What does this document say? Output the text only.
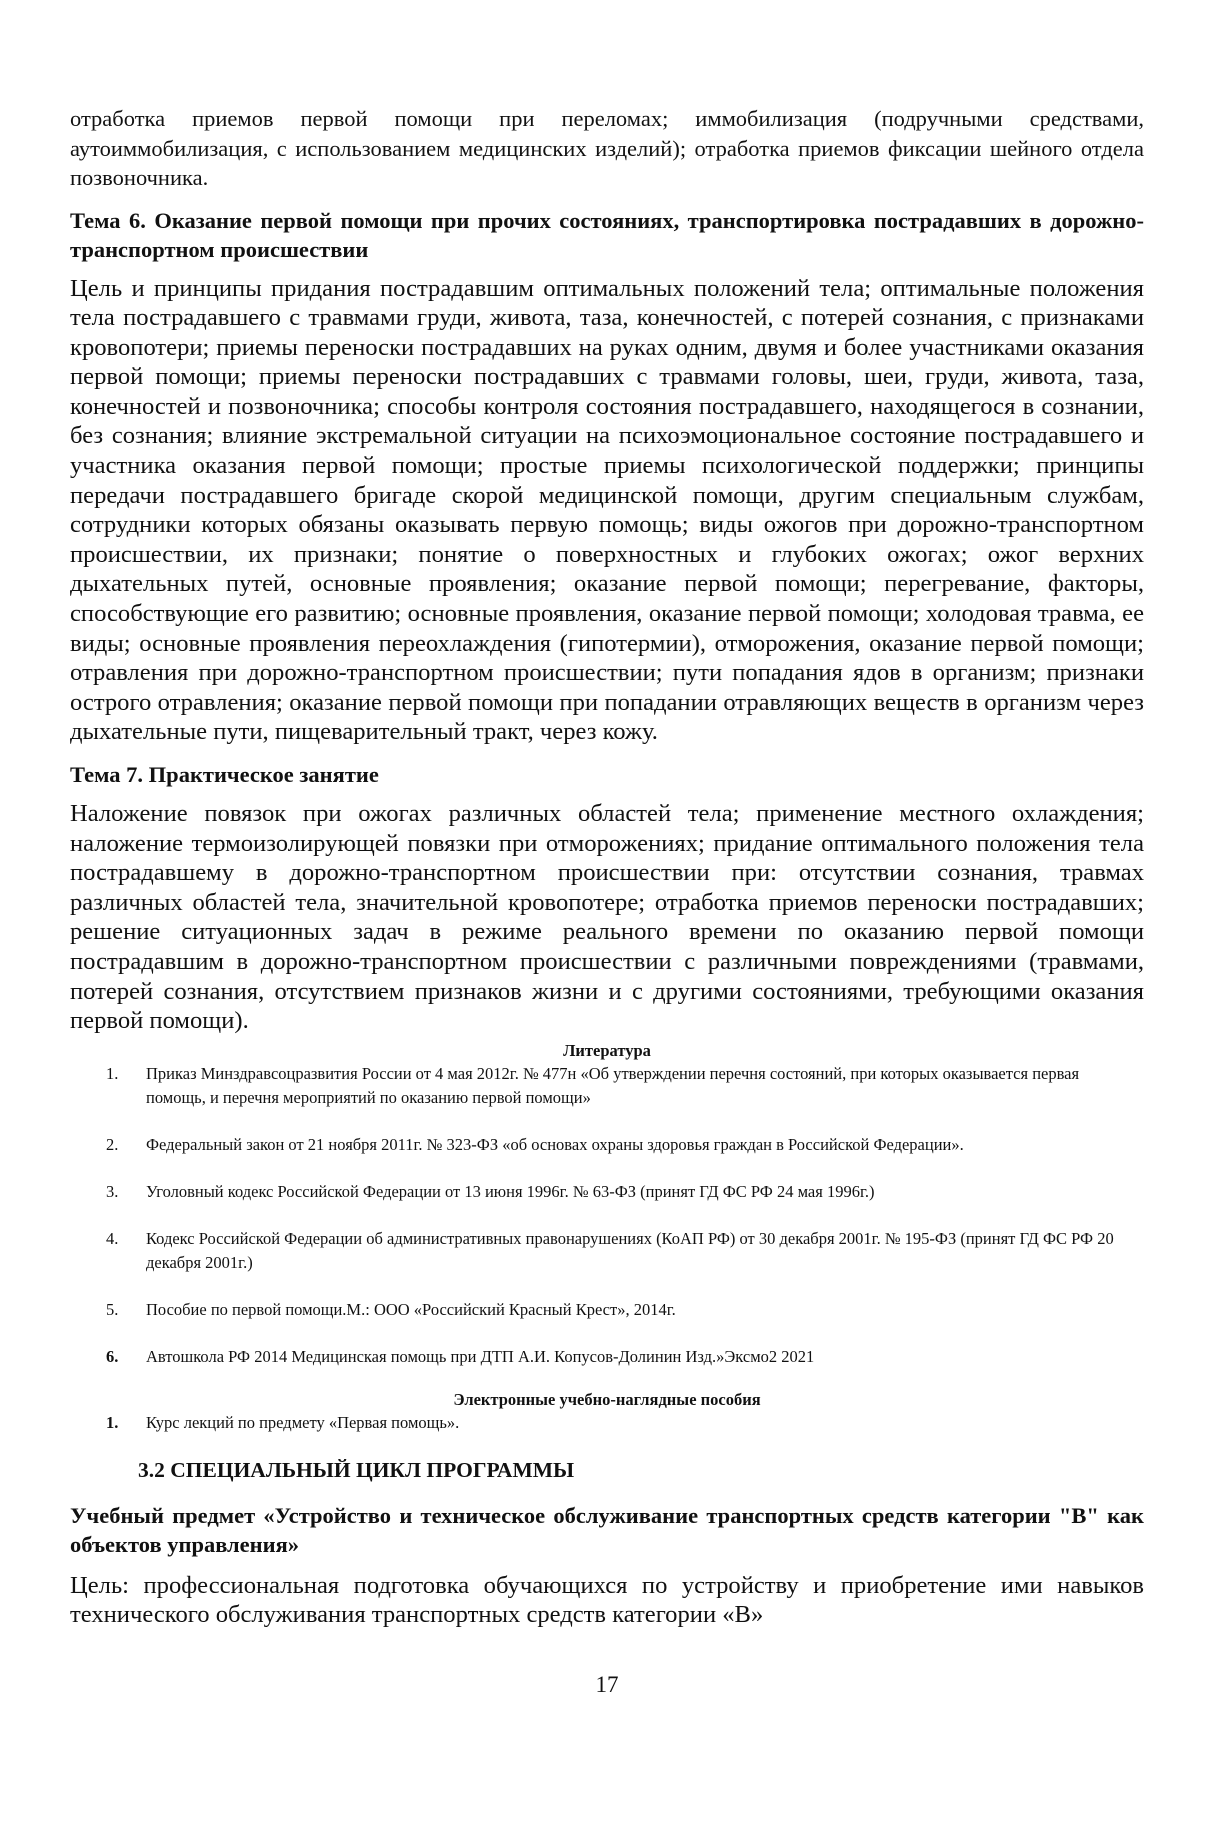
отработка приемов первой помощи при переломах; иммобилизация (подручными средствами, аутоиммобилизация, с использованием медицинских изделий); отработка приемов фиксации шейного отдела позвоночника.

Тема 6. Оказание первой помощи при прочих состояниях, транспортировка пострадавших в дорожно-транспортном происшествии

Цель и принципы придания пострадавшим оптимальных положений тела; оптимальные положения тела пострадавшего с травмами груди, живота, таза, конечностей, с потерей сознания, с признаками кровопотери; приемы переноски пострадавших на руках одним, двумя и более участниками оказания первой помощи; приемы переноски пострадавших с травмами головы, шеи, груди, живота, таза, конечностей и позвоночника; способы контроля состояния пострадавшего, находящегося в сознании, без сознания; влияние экстремальной ситуации на психоэмоциональное состояние пострадавшего и участника оказания первой помощи; простые приемы психологической поддержки; принципы передачи пострадавшего бригаде скорой медицинской помощи, другим специальным службам, сотрудники которых обязаны оказывать первую помощь; виды ожогов при дорожно-транспортном происшествии, их признаки; понятие о поверхностных и глубоких ожогах; ожог верхних дыхательных путей, основные проявления; оказание первой помощи; перегревание, факторы, способствующие его развитию; основные проявления, оказание первой помощи; холодовая травма, ее виды; основные проявления переохлаждения (гипотермии), отморожения, оказание первой помощи; отравления при дорожно-транспортном происшествии; пути попадания ядов в организм; признаки острого отравления; оказание первой помощи при попадании отравляющих веществ в организм через дыхательные пути, пищеварительный тракт, через кожу.

Тема 7. Практическое занятие

Наложение повязок при ожогах различных областей тела; применение местного охлаждения; наложение термоизолирующей повязки при отморожениях; придание оптимального положения тела пострадавшему в дорожно-транспортном происшествии при: отсутствии сознания, травмах различных областей тела, значительной кровопотере; отработка приемов переноски пострадавших; решение ситуационных задач в режиме реального времени по оказанию первой помощи пострадавшим в дорожно-транспортном происшествии с различными повреждениями (травмами, потерей сознания, отсутствием признаков жизни и с другими состояниями, требующими оказания первой помощи).

Литература

1. Приказ Минздравсоцразвития России от 4 мая 2012г. № 477н «Об утверждении перечня состояний, при которых оказывается первая помощь, и перечня мероприятий по оказанию первой помощи»
2. Федеральный закон от 21 ноября 2011г. № 323-ФЗ «об основах охраны здоровья граждан в Российской Федерации».
3. Уголовный кодекс Российской Федерации от 13 июня 1996г. № 63-ФЗ (принят ГД ФС РФ 24 мая 1996г.)
4. Кодекс Российской Федерации об административных правонарушениях (КоАП РФ) от 30 декабря 2001г. № 195-ФЗ (принят ГД ФС РФ 20 декабря 2001г.)
5. Пособие по первой помощи.М.: ООО «Российский Красный Крест», 2014г.
6. Автошкола РФ 2014 Медицинская помощь при ДТП А.И. Копусов-Долинин Изд.»Эксмо2 2021

Электронные учебно-наглядные пособия

1. Курс лекций по предмету «Первая помощь».

3.2 СПЕЦИАЛЬНЫЙ ЦИКЛ ПРОГРАММЫ

Учебный предмет «Устройство и техническое обслуживание транспортных средств категории "В" как объектов управления»

Цель: профессиональная подготовка обучающихся по устройству и приобретение ими навыков технического обслуживания транспортных средств категории «В»

17
